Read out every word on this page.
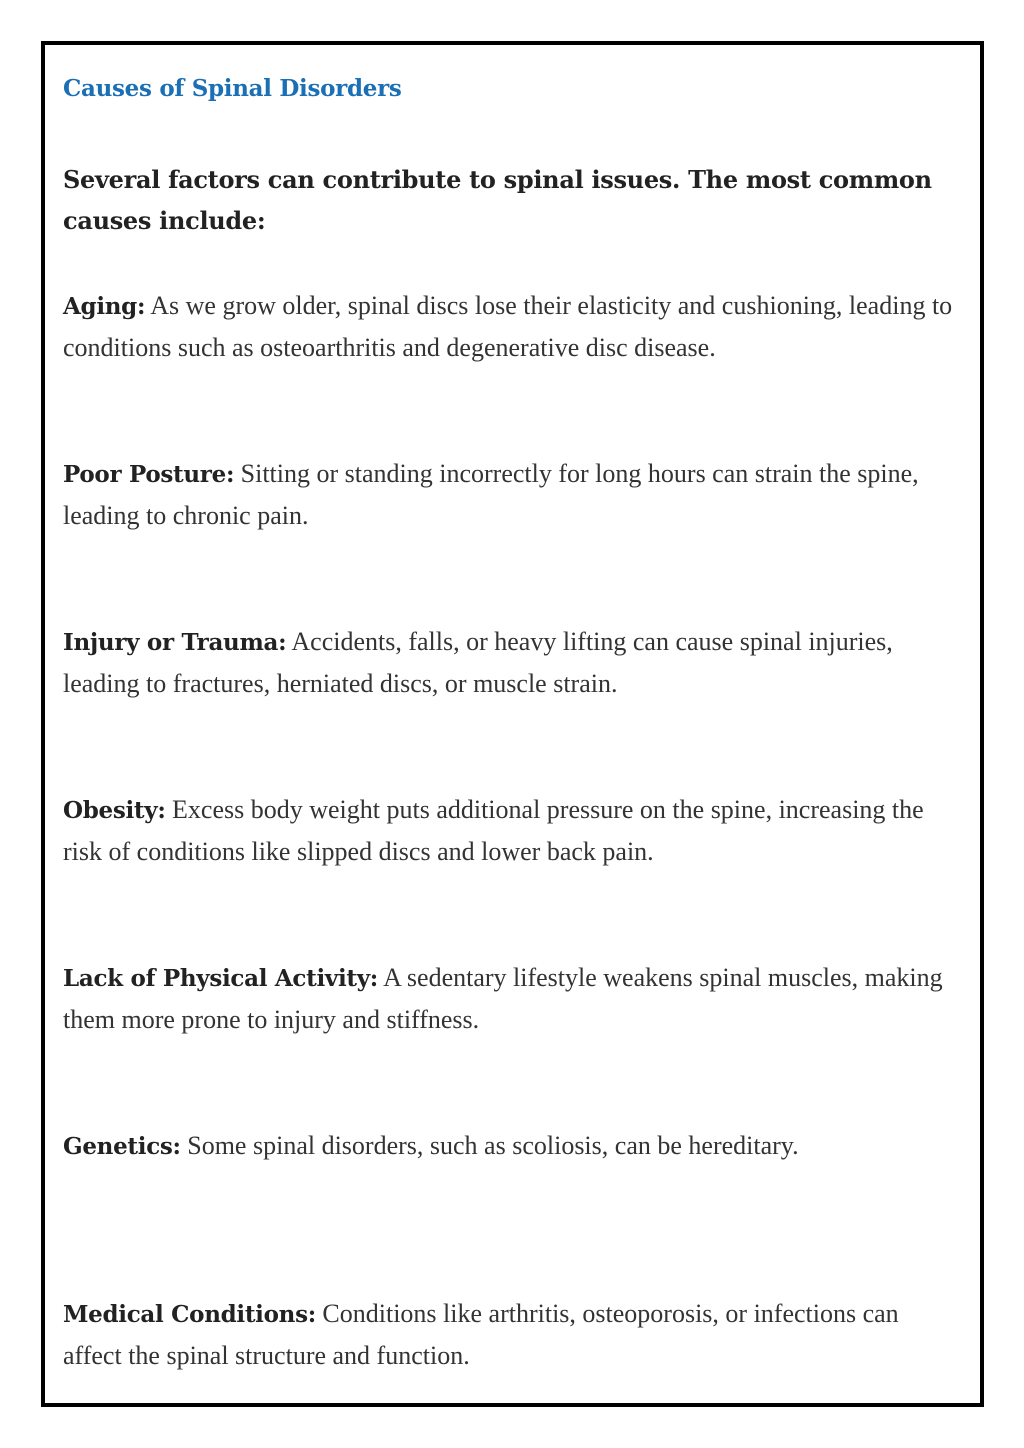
Causes of Spinal Disorders

Several factors can contribute to spinal issues. The most common causes include:

Aging: As we grow older, spinal discs lose their elasticity and cushioning, leading to conditions such as osteoarthritis and degenerative disc disease.

Poor Posture: Sitting or standing incorrectly for long hours can strain the spine, leading to chronic pain.

Injury or Trauma: Accidents, falls, or heavy lifting can cause spinal injuries, leading to fractures, herniated discs, or muscle strain.

Obesity: Excess body weight puts additional pressure on the spine, increasing the risk of conditions like slipped discs and lower back pain.

Lack of Physical Activity: A sedentary lifestyle weakens spinal muscles, making them more prone to injury and stiffness.

Genetics: Some spinal disorders, such as scoliosis, can be hereditary.

Medical Conditions: Conditions like arthritis, osteoporosis, or infections can affect the spinal structure and function.
